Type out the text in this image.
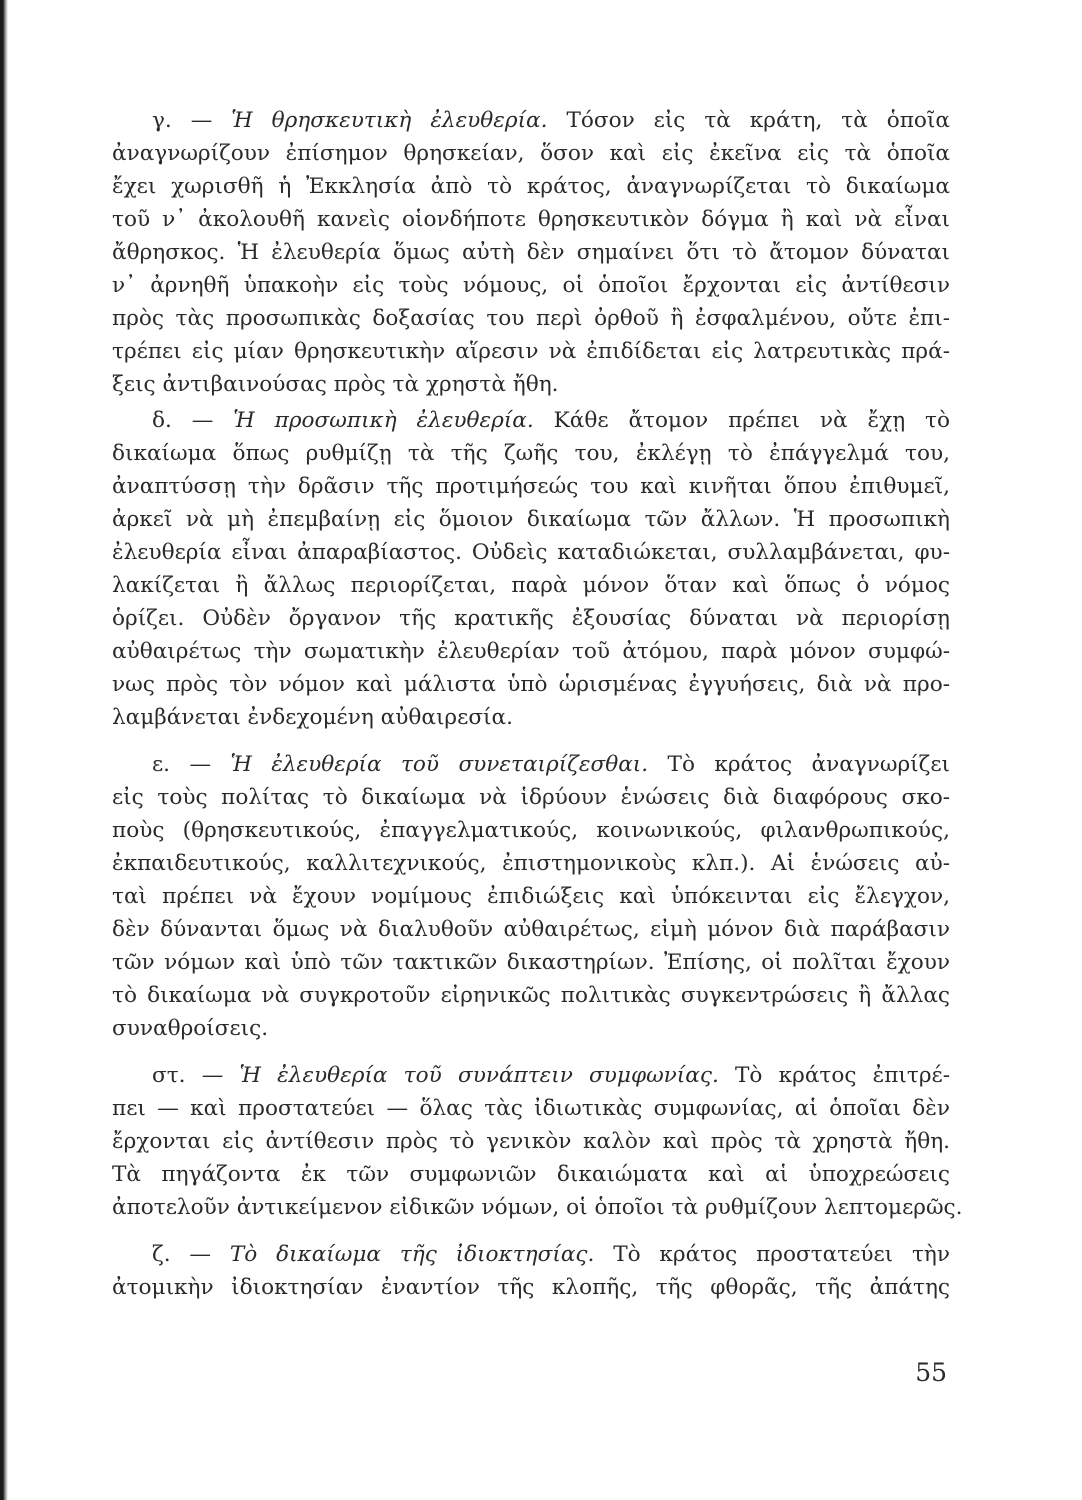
γ. — Ἡ θρησκευτικὴ ἐλευθερία. Τόσον εἰς τὰ κράτη, τὰ ὁποῖα
ἀναγνωρίζουν ἐπίσημον θρησκείαν, ὅσον καὶ εἰς ἐκεῖνα εἰς τὰ ὁποῖα
ἔχει χωρισθῆ ἡ Ἐκκλησία ἀπὸ τὸ κράτος, ἀναγνωρίζεται τὸ δικαίωμα
τοῦ ν᾽ ἀκολουθῆ κανεὶς οἱονδήποτε θρησκευτικὸν δόγμα ἢ καὶ νὰ εἶναι
ἄθρησκος. Ἡ ἐλευθερία ὅμως αὐτὴ δὲν σημαίνει ὅτι τὸ ἄτομον δύναται
ν᾽ ἀρνηθῆ ὑπακοὴν εἰς τοὺς νόμους, οἱ ὁποῖοι ἔρχονται εἰς ἀντίθεσιν
πρὸς τὰς προσωπικὰς δοξασίας του περὶ ὀρθοῦ ἢ ἐσφαλμένου, οὔτε ἐπι-
τρέπει εἰς μίαν θρησκευτικὴν αἵρεσιν νὰ ἐπιδίδεται εἰς λατρευτικὰς πρά-
ξεις ἀντιβαινούσας πρὸς τὰ χρηστὰ ἤθη.

δ. — Ἡ προσωπικὴ ἐλευθερία. Κάθε ἄτομον πρέπει νὰ ἔχῃ τὸ
δικαίωμα ὅπως ρυθμίζῃ τὰ τῆς ζωῆς του, ἐκλέγῃ τὸ ἐπάγγελμά του,
ἀναπτύσσῃ τὴν δρᾶσιν τῆς προτιμήσεώς του καὶ κινῆται ὅπου ἐπιθυμεῖ,
ἀρκεῖ νὰ μὴ ἐπεμβαίνῃ εἰς ὅμοιον δικαίωμα τῶν ἄλλων. Ἡ προσωπικὴ
ἐλευθερία εἶναι ἀπαραβίαστος. Οὐδεὶς καταδιώκεται, συλλαμβάνεται, φυ-
λακίζεται ἢ ἄλλως περιορίζεται, παρὰ μόνον ὅταν καὶ ὅπως ὁ νόμος
ὁρίζει. Οὐδὲν ὄργανον τῆς κρατικῆς ἐξουσίας δύναται νὰ περιορίσῃ
αὐθαιρέτως τὴν σωματικὴν ἐλευθερίαν τοῦ ἀτόμου, παρὰ μόνον συμφώ-
νως πρὸς τὸν νόμον καὶ μάλιστα ὑπὸ ὡρισμένας ἐγγυήσεις, διὰ νὰ προ-
λαμβάνεται ἐνδεχομένη αὐθαιρεσία.

ε. — Ἡ ἐλευθερία τοῦ συνεταιρίζεσθαι. Τὸ κράτος ἀναγνωρίζει
εἰς τοὺς πολίτας τὸ δικαίωμα νὰ ἱδρύουν ἑνώσεις διὰ διαφόρους σκο-
ποὺς (θρησκευτικούς, ἐπαγγελματικούς, κοινωνικούς, φιλανθρωπικούς,
ἐκπαιδευτικούς, καλλιτεχνικούς, ἐπιστημονικοὺς κλπ.). Αἱ ἑνώσεις αὐ-
ταὶ πρέπει νὰ ἔχουν νομίμους ἐπιδιώξεις καὶ ὑπόκεινται εἰς ἔλεγχον,
δὲν δύνανται ὅμως νὰ διαλυθοῦν αὐθαιρέτως, εἰμὴ μόνον διὰ παράβασιν
τῶν νόμων καὶ ὑπὸ τῶν τακτικῶν δικαστηρίων. Ἐπίσης, οἱ πολῖται ἔχουν
τὸ δικαίωμα νὰ συγκροτοῦν εἰρηνικῶς πολιτικὰς συγκεντρώσεις ἢ ἄλλας
συναθροίσεις.

στ. — Ἡ ἐλευθερία τοῦ συνάπτειν συμφωνίας. Τὸ κράτος ἐπιτρέ-
πει — καὶ προστατεύει — ὅλας τὰς ἰδιωτικὰς συμφωνίας, αἱ ὁποῖαι δὲν
ἔρχονται εἰς ἀντίθεσιν πρὸς τὸ γενικὸν καλὸν καὶ πρὸς τὰ χρηστὰ ἤθη.
Τὰ πηγάζοντα ἐκ τῶν συμφωνιῶν δικαιώματα καὶ αἱ ὑποχρεώσεις
ἀποτελοῦν ἀντικείμενον εἰδικῶν νόμων, οἱ ὁποῖοι τὰ ρυθμίζουν λεπτομερῶς.

ζ. — Τὸ δικαίωμα τῆς ἰδιοκτησίας. Τὸ κράτος προστατεύει τὴν
ἀτομικὴν ἰδιοκτησίαν ἐναντίον τῆς κλοπῆς, τῆς φθορᾶς, τῆς ἀπάτης

55
